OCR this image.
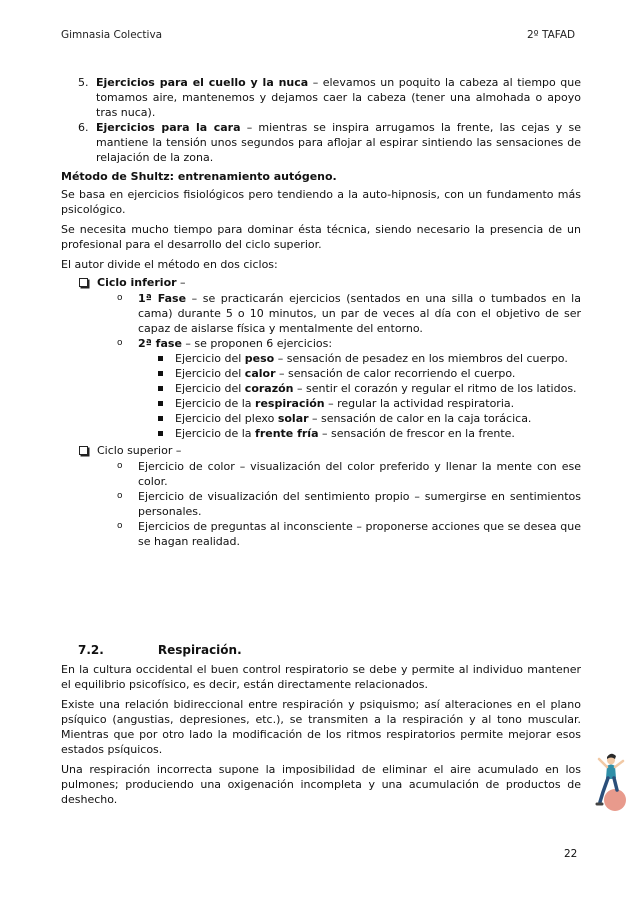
Gimnasia Colectiva	2º TAFAD
5. Ejercicios para el cuello y la nuca – elevamos un poquito la cabeza al tiempo que tomamos aire, mantenemos y dejamos caer la cabeza (tener una almohada o apoyo tras nuca).
6. Ejercicios para la cara – mientras se inspira arrugamos la frente, las cejas y se mantiene la tensión unos segundos para aflojar al espirar sintiendo las sensaciones de relajación de la zona.
Método de Shultz: entrenamiento autógeno.

Se basa en ejercicios fisiológicos pero tendiendo a la auto-hipnosis, con un fundamento más psicológico.

Se necesita mucho tiempo para dominar ésta técnica, siendo necesario la presencia de un profesional para el desarrollo del ciclo superior.

El autor divide el método en dos ciclos:

Ciclo inferior –
o 1ª Fase – se practicarán ejercicios (sentados en una silla o tumbados en la cama) durante 5 o 10 minutos, un par de veces al día con el objetivo de ser capaz de aislarse física y mentalmente del entorno.
o 2ª fase – se proponen 6 ejercicios:
Ejercicio del peso – sensación de pesadez en los miembros del cuerpo.
Ejercicio del calor – sensación de calor recorriendo el cuerpo.
Ejercicio del corazón – sentir el corazón y regular el ritmo de los latidos.
Ejercicio de la respiración – regular la actividad respiratoria.
Ejercicio del plexo solar – sensación de calor en la caja torácica.
Ejercicio de la frente fría – sensación de frescor en la frente.
Ciclo superior –
o Ejercicio de color – visualización del color preferido y llenar la mente con ese color.
o Ejercicio de visualización del sentimiento propio – sumergirse en sentimientos personales.
o Ejercicios de preguntas al inconsciente – proponerse acciones que se desea que se hagan realidad.
7.2.	Respiración.

En la cultura occidental el buen control respiratorio se debe y permite al individuo mantener el equilibrio psicofísico, es decir, están directamente relacionados.

Existe una relación bidireccional entre respiración y psiquismo; así alteraciones en el plano psíquico (angustias, depresiones, etc.), se transmiten a la respiración y al tono muscular. Mientras que por otro lado la modificación de los ritmos respiratorios permite mejorar esos estados psíquicos.

Una respiración incorrecta supone la imposibilidad de eliminar el aire acumulado en los pulmones; produciendo una oxigenación incompleta y una acumulación de productos de deshecho.

22
